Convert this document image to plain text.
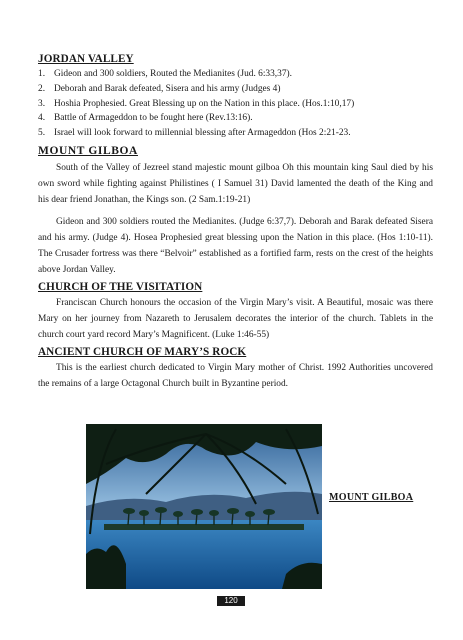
JORDAN VALLEY
1. Gideon and 300 soldiers, Routed the Medianites (Jud. 6:33,37).
2. Deborah and Barak defeated, Sisera and his army (Judges 4)
3. Hoshia Prophesied. Great Blessing up on the Nation in this place. (Hos.1:10,17)
4. Battle of Armageddon to be fought here (Rev.13:16).
5. Israel will look forward to millennial blessing after Armageddon (Hos 2:21-23.
MOUNT GILBOA

South of the Valley of Jezreel stand majestic mount gilboa Oh this mountain king Saul died by his own sword while fighting against Philistines ( I Samuel 31) David lamented the death of the King and his dear friend Jonathan, the Kings son. (2 Sam.1:19-21)

Gideon and 300 soldiers routed the Medianites. (Judge 6:37,7). Deborah and Barak defeated Sisera and his army. (Judge 4). Hosea Prophesied great blessing upon the Nation in this place. (Hos 1:10-11). The Crusader fortress was there “Belvoir” established as a fortified farm, rests on the crest of the heights above Jordan Valley.

CHURCH OF THE VISITATION

Franciscan Church honours the occasion of the Virgin Mary’s visit. A Beautiful, mosaic was there Mary on her journey from Nazareth to Jerusalem decorates the interior of the church. Tablets in the church court yard record Mary’s Magnificent. (Luke 1:46-55)

ANCIENT CHURCH OF MARY’S ROCK

This is the earliest church dedicated to Virgin Mary mother of Christ. 1992 Authorities uncovered the remains of a large Octagonal Church built in Byzantine period.

MOUNT GILBOA
120
